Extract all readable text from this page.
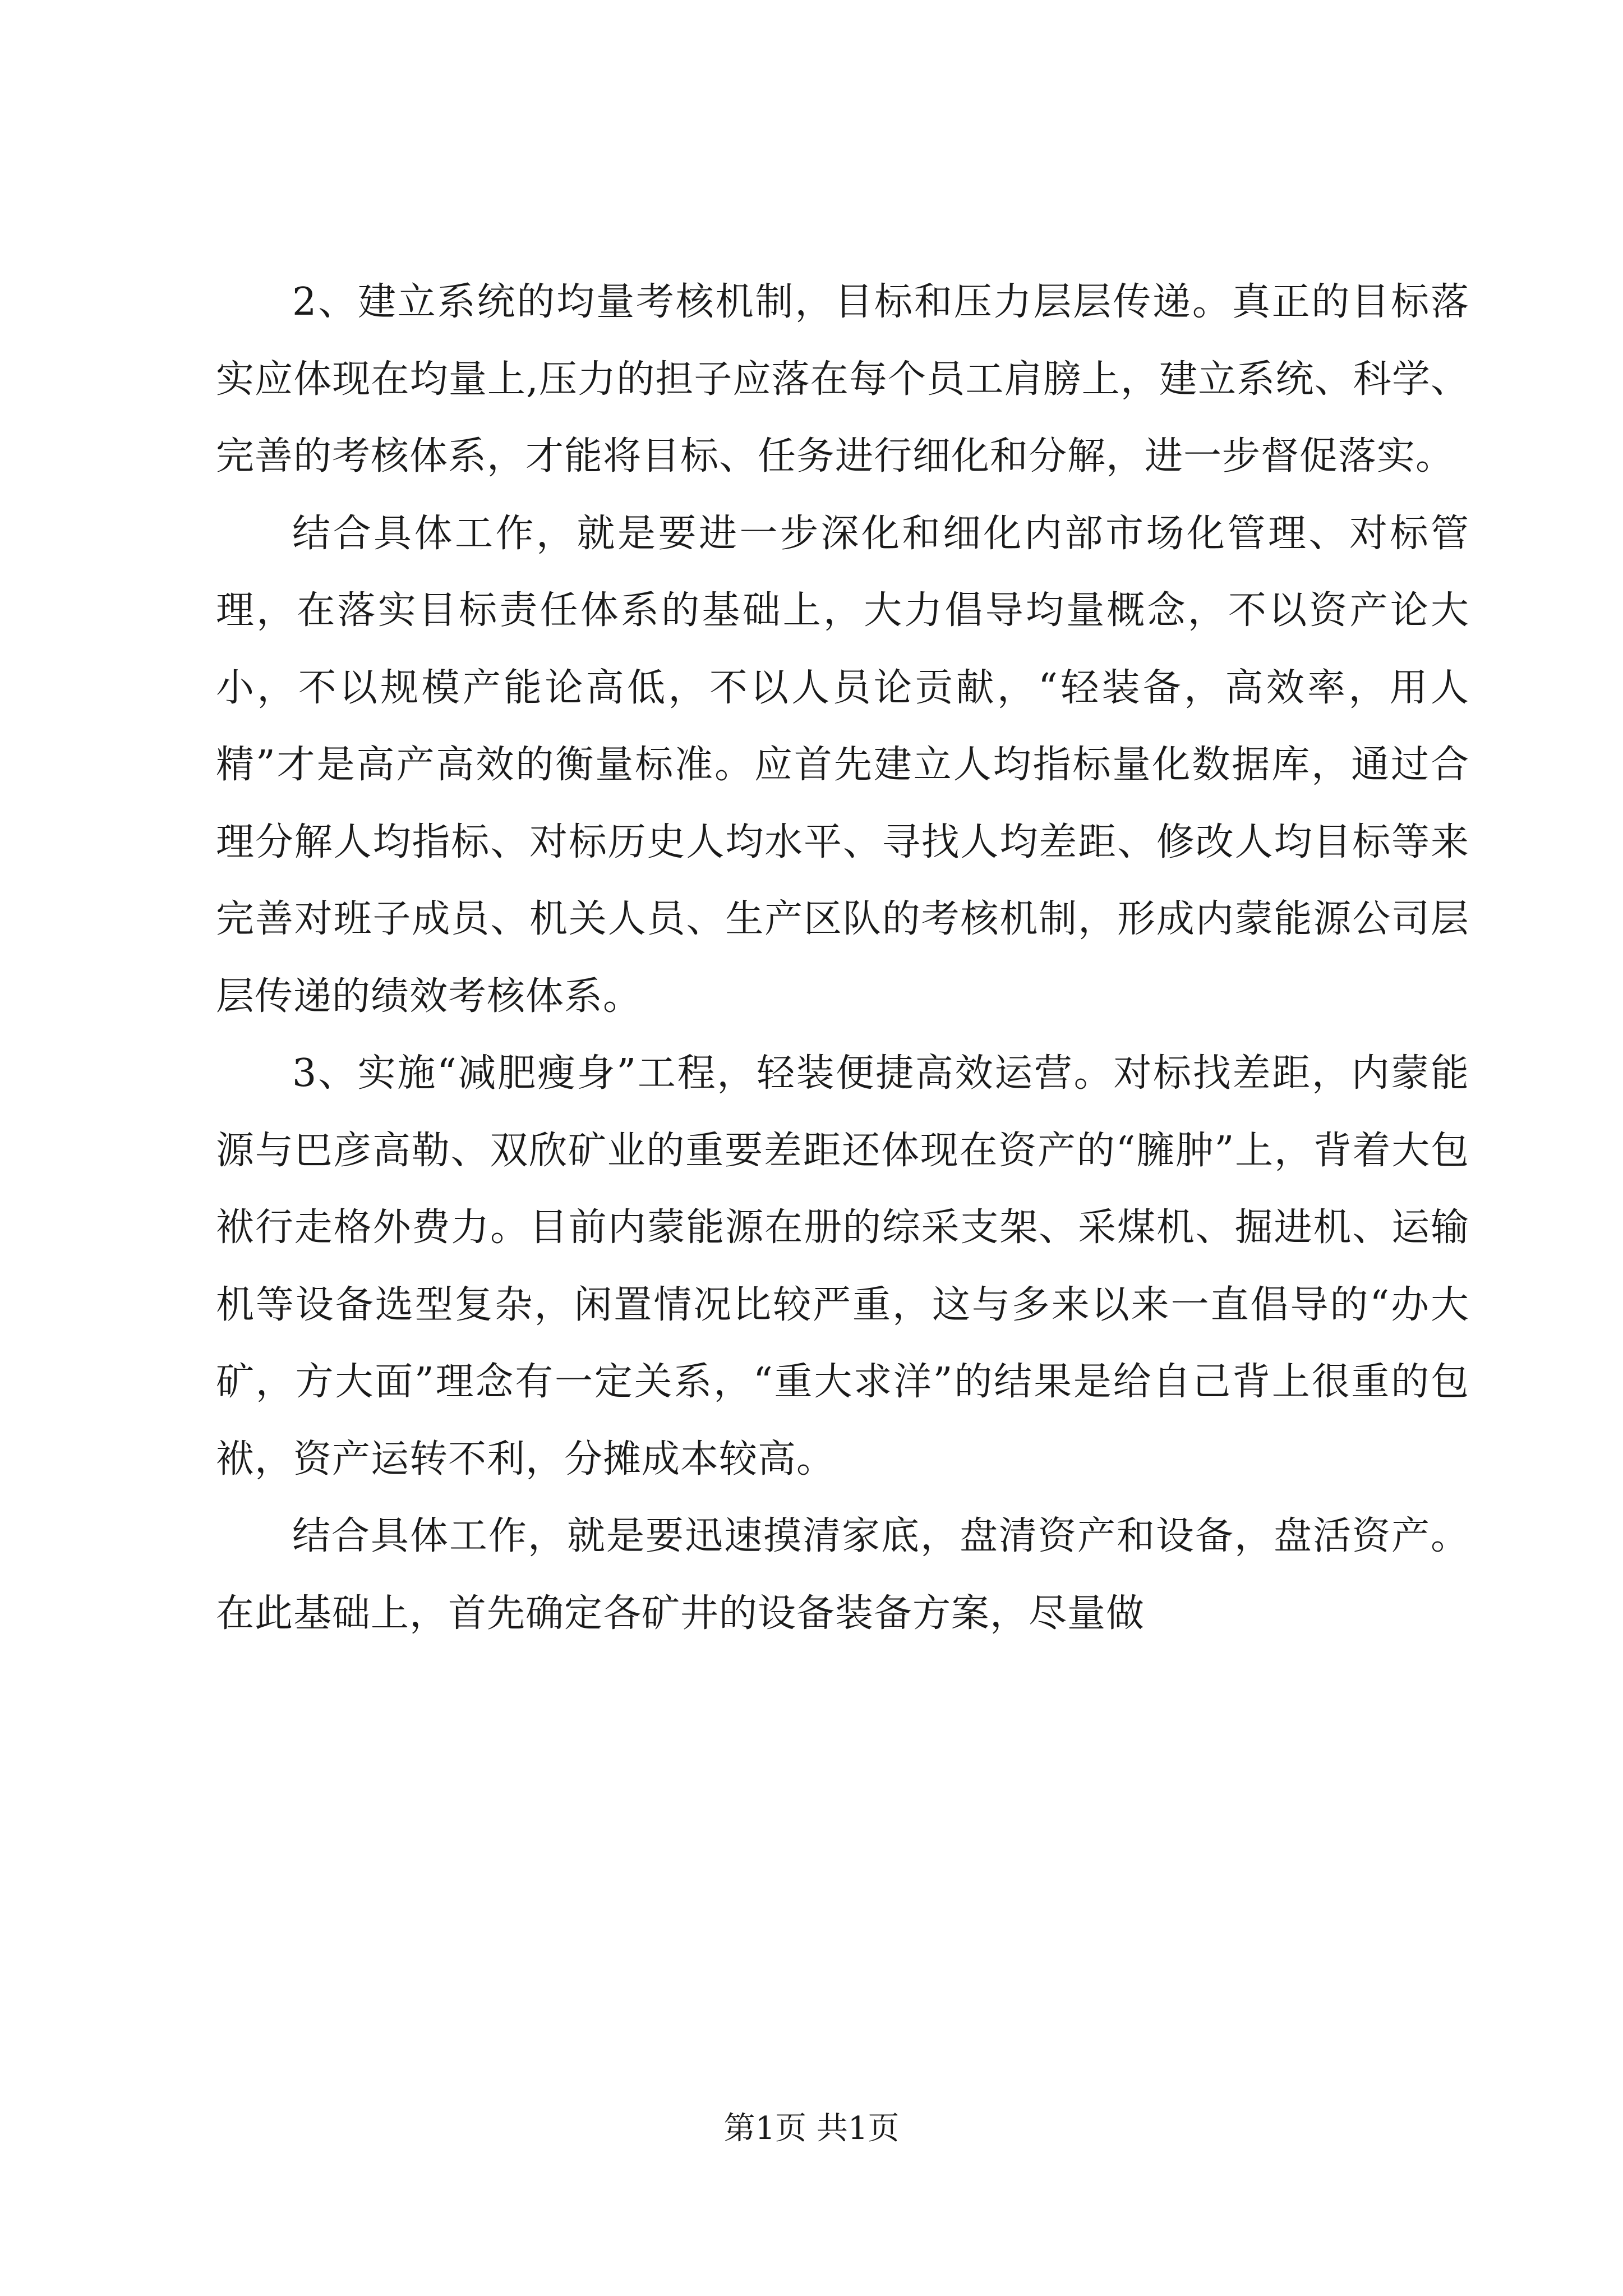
2、建立系统的均量考核机制，目标和压力层层传递。真正的目标落实应体现在均量上,压力的担子应落在每个员工肩膀上，建立系统、科学、完善的考核体系，才能将目标、任务进行细化和分解，进一步督促落实。

结合具体工作，就是要进一步深化和细化内部市场化管理、对标管理，在落实目标责任体系的基础上，大力倡导均量概念，不以资产论大小，不以规模产能论高低，不以人员论贡献，“轻装备，高效率，用人精”才是高产高效的衡量标准。应首先建立人均指标量化数据库，通过合理分解人均指标、对标历史人均水平、寻找人均差距、修改人均目标等来完善对班子成员、机关人员、生产区队的考核机制，形成内蒙能源公司层层传递的绩效考核体系。

3、实施“减肥瘦身”工程，轻装便捷高效运营。对标找差距，内蒙能源与巴彦高勒、双欣矿业的重要差距还体现在资产的“臃肿”上，背着大包袱行走格外费力。目前内蒙能源在册的综采支架、采煤机、掘进机、运输机等设备选型复杂，闲置情况比较严重，这与多来以来一直倡导的“办大矿，方大面”理念有一定关系，“重大求洋”的结果是给自己背上很重的包袱，资产运转不利，分摊成本较高。

结合具体工作，就是要迅速摸清家底，盘清资产和设备，盘活资产。在此基础上，首先确定各矿井的设备装备方案，尽量做

第1页 共1页
